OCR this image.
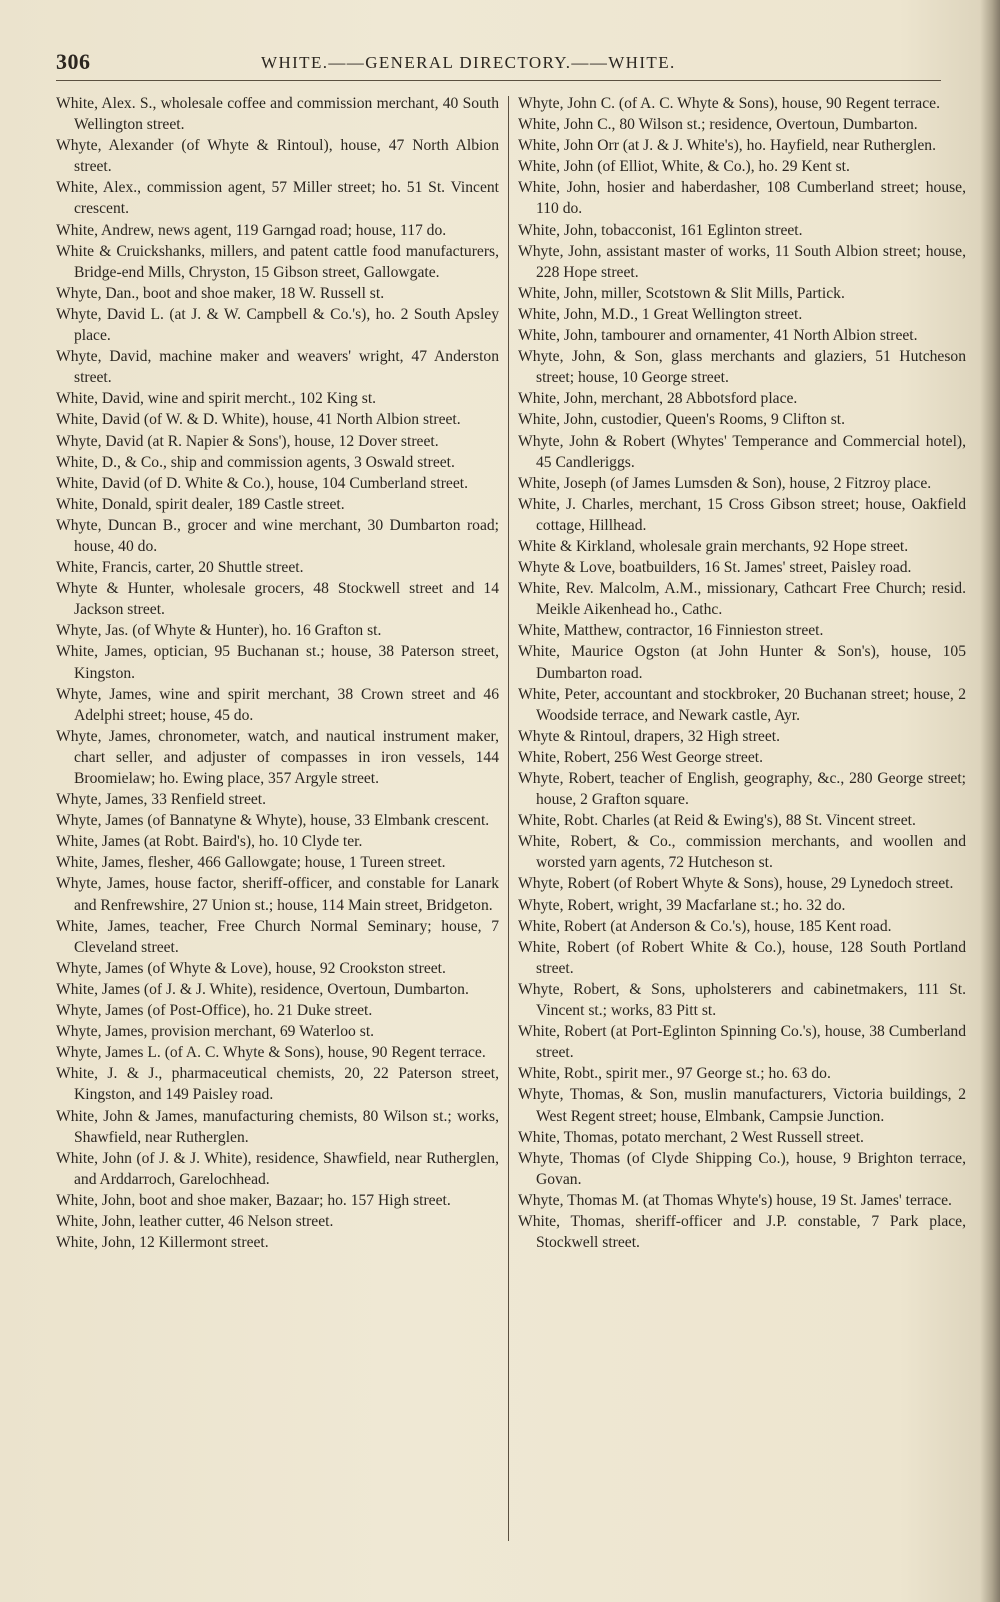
306	WHITE.——GENERAL DIRECTORY.——WHITE.

White, Alex. S., wholesale coffee and commission merchant, 40 South Wellington street.

Whyte, Alexander (of Whyte & Rintoul), house, 47 North Albion street.

White, Alex., commission agent, 57 Miller street; ho. 51 St. Vincent crescent.

White, Andrew, news agent, 119 Garngad road; house, 117 do.

White & Cruickshanks, millers, and patent cattle food manufacturers, Bridge-end Mills, Chryston, 15 Gibson street, Gallowgate.

Whyte, Dan., boot and shoe maker, 18 W. Russell st.

Whyte, David L. (at J. & W. Campbell & Co.'s), ho. 2 South Apsley place.

Whyte, David, machine maker and weavers' wright, 47 Anderston street.

White, David, wine and spirit mercht., 102 King st.

White, David (of W. & D. White), house, 41 North Albion street.

Whyte, David (at R. Napier & Sons'), house, 12 Dover street.

White, D., & Co., ship and commission agents, 3 Oswald street.

White, David (of D. White & Co.), house, 104 Cumberland street.

White, Donald, spirit dealer, 189 Castle street.

Whyte, Duncan B., grocer and wine merchant, 30 Dumbarton road; house, 40 do.

White, Francis, carter, 20 Shuttle street.

Whyte & Hunter, wholesale grocers, 48 Stockwell street and 14 Jackson street.

Whyte, Jas. (of Whyte & Hunter), ho. 16 Grafton st.

White, James, optician, 95 Buchanan st.; house, 38 Paterson street, Kingston.

Whyte, James, wine and spirit merchant, 38 Crown street and 46 Adelphi street; house, 45 do.

Whyte, James, chronometer, watch, and nautical instrument maker, chart seller, and adjuster of compasses in iron vessels, 144 Broomielaw; ho. Ewing place, 357 Argyle street.

Whyte, James, 33 Renfield street.

Whyte, James (of Bannatyne & Whyte), house, 33 Elmbank crescent.

White, James (at Robt. Baird's), ho. 10 Clyde ter.

White, James, flesher, 466 Gallowgate; house, 1 Tureen street.

Whyte, James, house factor, sheriff-officer, and constable for Lanark and Renfrewshire, 27 Union st.; house, 114 Main street, Bridgeton.

White, James, teacher, Free Church Normal Seminary; house, 7 Cleveland street.

Whyte, James (of Whyte & Love), house, 92 Crookston street.

White, James (of J. & J. White), residence, Overtoun, Dumbarton.

Whyte, James (of Post-Office), ho. 21 Duke street.

Whyte, James, provision merchant, 69 Waterloo st.

Whyte, James L. (of A. C. Whyte & Sons), house, 90 Regent terrace.

White, J. & J., pharmaceutical chemists, 20, 22 Paterson street, Kingston, and 149 Paisley road.

White, John & James, manufacturing chemists, 80 Wilson st.; works, Shawfield, near Rutherglen.

White, John (of J. & J. White), residence, Shawfield, near Rutherglen, and Arddarroch, Garelochhead.

White, John, boot and shoe maker, Bazaar; ho. 157 High street.

White, John, leather cutter, 46 Nelson street.

White, John, 12 Killermont street.

Whyte, John C. (of A. C. Whyte & Sons), house, 90 Regent terrace.

White, John C., 80 Wilson st.; residence, Overtoun, Dumbarton.

White, John Orr (at J. & J. White's), ho. Hayfield, near Rutherglen.

White, John (of Elliot, White, & Co.), ho. 29 Kent st.

White, John, hosier and haberdasher, 108 Cumberland street; house, 110 do.

White, John, tobacconist, 161 Eglinton street.

Whyte, John, assistant master of works, 11 South Albion street; house, 228 Hope street.

White, John, miller, Scotstown & Slit Mills, Partick.

White, John, M.D., 1 Great Wellington street.

White, John, tambourer and ornamenter, 41 North Albion street.

Whyte, John, & Son, glass merchants and glaziers, 51 Hutcheson street; house, 10 George street.

White, John, merchant, 28 Abbotsford place.

White, John, custodier, Queen's Rooms, 9 Clifton st.

Whyte, John & Robert (Whytes' Temperance and Commercial hotel), 45 Candleriggs.

White, Joseph (of James Lumsden & Son), house, 2 Fitzroy place.

White, J. Charles, merchant, 15 Cross Gibson street; house, Oakfield cottage, Hillhead.

White & Kirkland, wholesale grain merchants, 92 Hope street.

Whyte & Love, boatbuilders, 16 St. James' street, Paisley road.

White, Rev. Malcolm, A.M., missionary, Cathcart Free Church; resid. Meikle Aikenhead ho., Cathc.

White, Matthew, contractor, 16 Finnieston street.

White, Maurice Ogston (at John Hunter & Son's), house, 105 Dumbarton road.

White, Peter, accountant and stockbroker, 20 Buchanan street; house, 2 Woodside terrace, and Newark castle, Ayr.

Whyte & Rintoul, drapers, 32 High street.

White, Robert, 256 West George street.

Whyte, Robert, teacher of English, geography, &c., 280 George street; house, 2 Grafton square.

White, Robt. Charles (at Reid & Ewing's), 88 St. Vincent street.

White, Robert, & Co., commission merchants, and woollen and worsted yarn agents, 72 Hutcheson st.

Whyte, Robert (of Robert Whyte & Sons), house, 29 Lynedoch street.

Whyte, Robert, wright, 39 Macfarlane st.; ho. 32 do.

White, Robert (at Anderson & Co.'s), house, 185 Kent road.

White, Robert (of Robert White & Co.), house, 128 South Portland street.

Whyte, Robert, & Sons, upholsterers and cabinetmakers, 111 St. Vincent st.; works, 83 Pitt st.

White, Robert (at Port-Eglinton Spinning Co.'s), house, 38 Cumberland street.

White, Robt., spirit mer., 97 George st.; ho. 63 do.

Whyte, Thomas, & Son, muslin manufacturers, Victoria buildings, 2 West Regent street; house, Elmbank, Campsie Junction.

White, Thomas, potato merchant, 2 West Russell street.

Whyte, Thomas (of Clyde Shipping Co.), house, 9 Brighton terrace, Govan.

Whyte, Thomas M. (at Thomas Whyte's) house, 19 St. James' terrace.

White, Thomas, sheriff-officer and J.P. constable, 7 Park place, Stockwell street.
